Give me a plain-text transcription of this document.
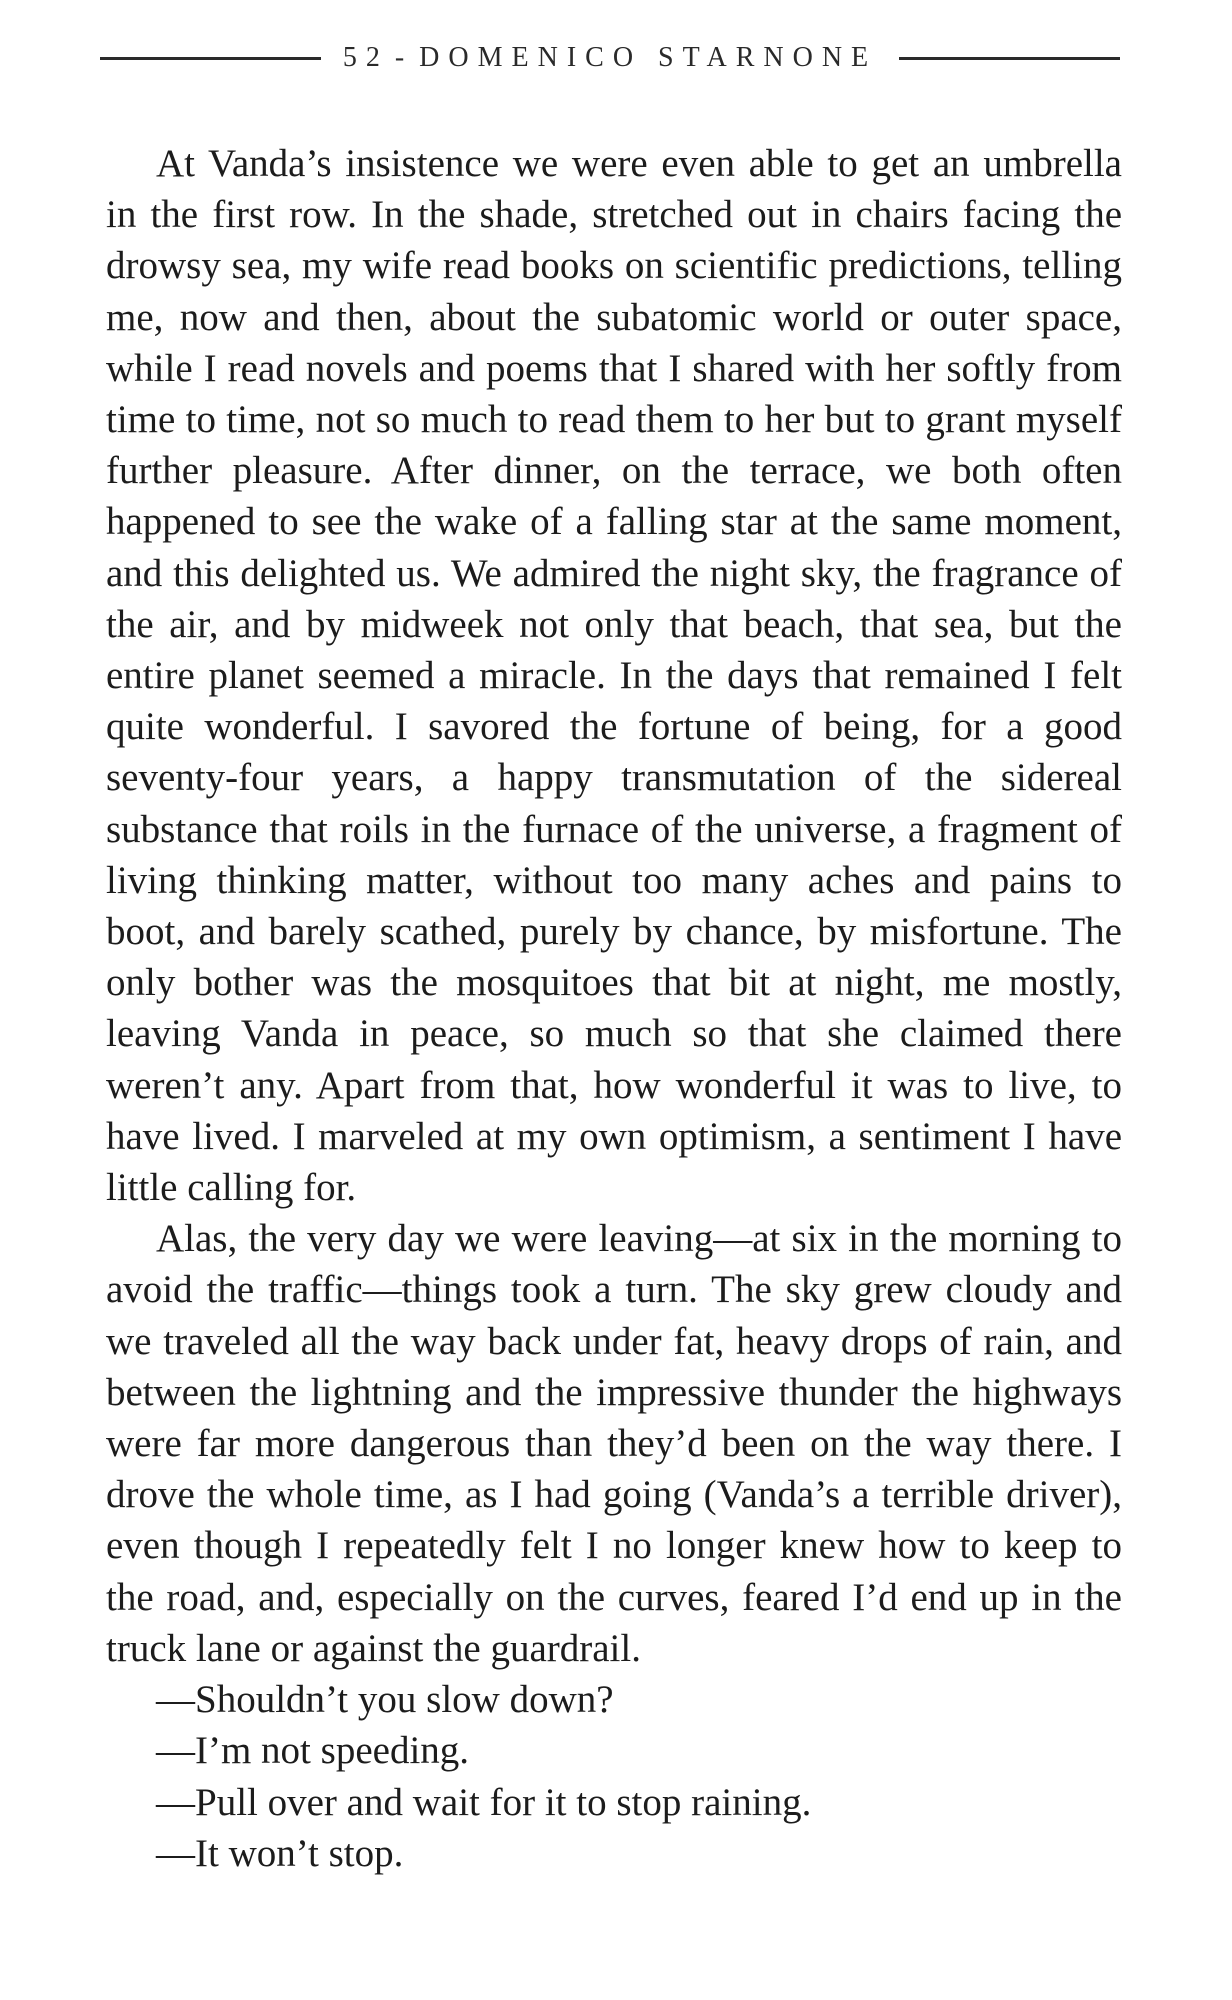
52 - DOMENICO STARNONE

At Vanda’s insistence we were even able to get an umbrella in the first row. In the shade, stretched out in chairs facing the drowsy sea, my wife read books on scientific predictions, telling me, now and then, about the subatomic world or outer space, while I read novels and poems that I shared with her softly from time to time, not so much to read them to her but to grant myself further pleasure. After dinner, on the terrace, we both often happened to see the wake of a falling star at the same moment, and this delighted us. We admired the night sky, the fragrance of the air, and by midweek not only that beach, that sea, but the entire planet seemed a miracle. In the days that remained I felt quite wonderful. I savored the fortune of being, for a good seventy-four years, a happy transmutation of the sidereal substance that roils in the furnace of the universe, a fragment of living thinking matter, without too many aches and pains to boot, and barely scathed, purely by chance, by misfortune. The only bother was the mosquitoes that bit at night, me mostly, leaving Vanda in peace, so much so that she claimed there weren’t any. Apart from that, how wonderful it was to live, to have lived. I marveled at my own optimism, a sentiment I have little calling for.

Alas, the very day we were leaving—at six in the morning to avoid the traffic—things took a turn. The sky grew cloudy and we traveled all the way back under fat, heavy drops of rain, and between the lightning and the impressive thunder the highways were far more dangerous than they’d been on the way there. I drove the whole time, as I had going (Vanda’s a terrible driver), even though I repeatedly felt I no longer knew how to keep to the road, and, especially on the curves, feared I’d end up in the truck lane or against the guardrail.

—Shouldn’t you slow down?

—I’m not speeding.

—Pull over and wait for it to stop raining.

—It won’t stop.
